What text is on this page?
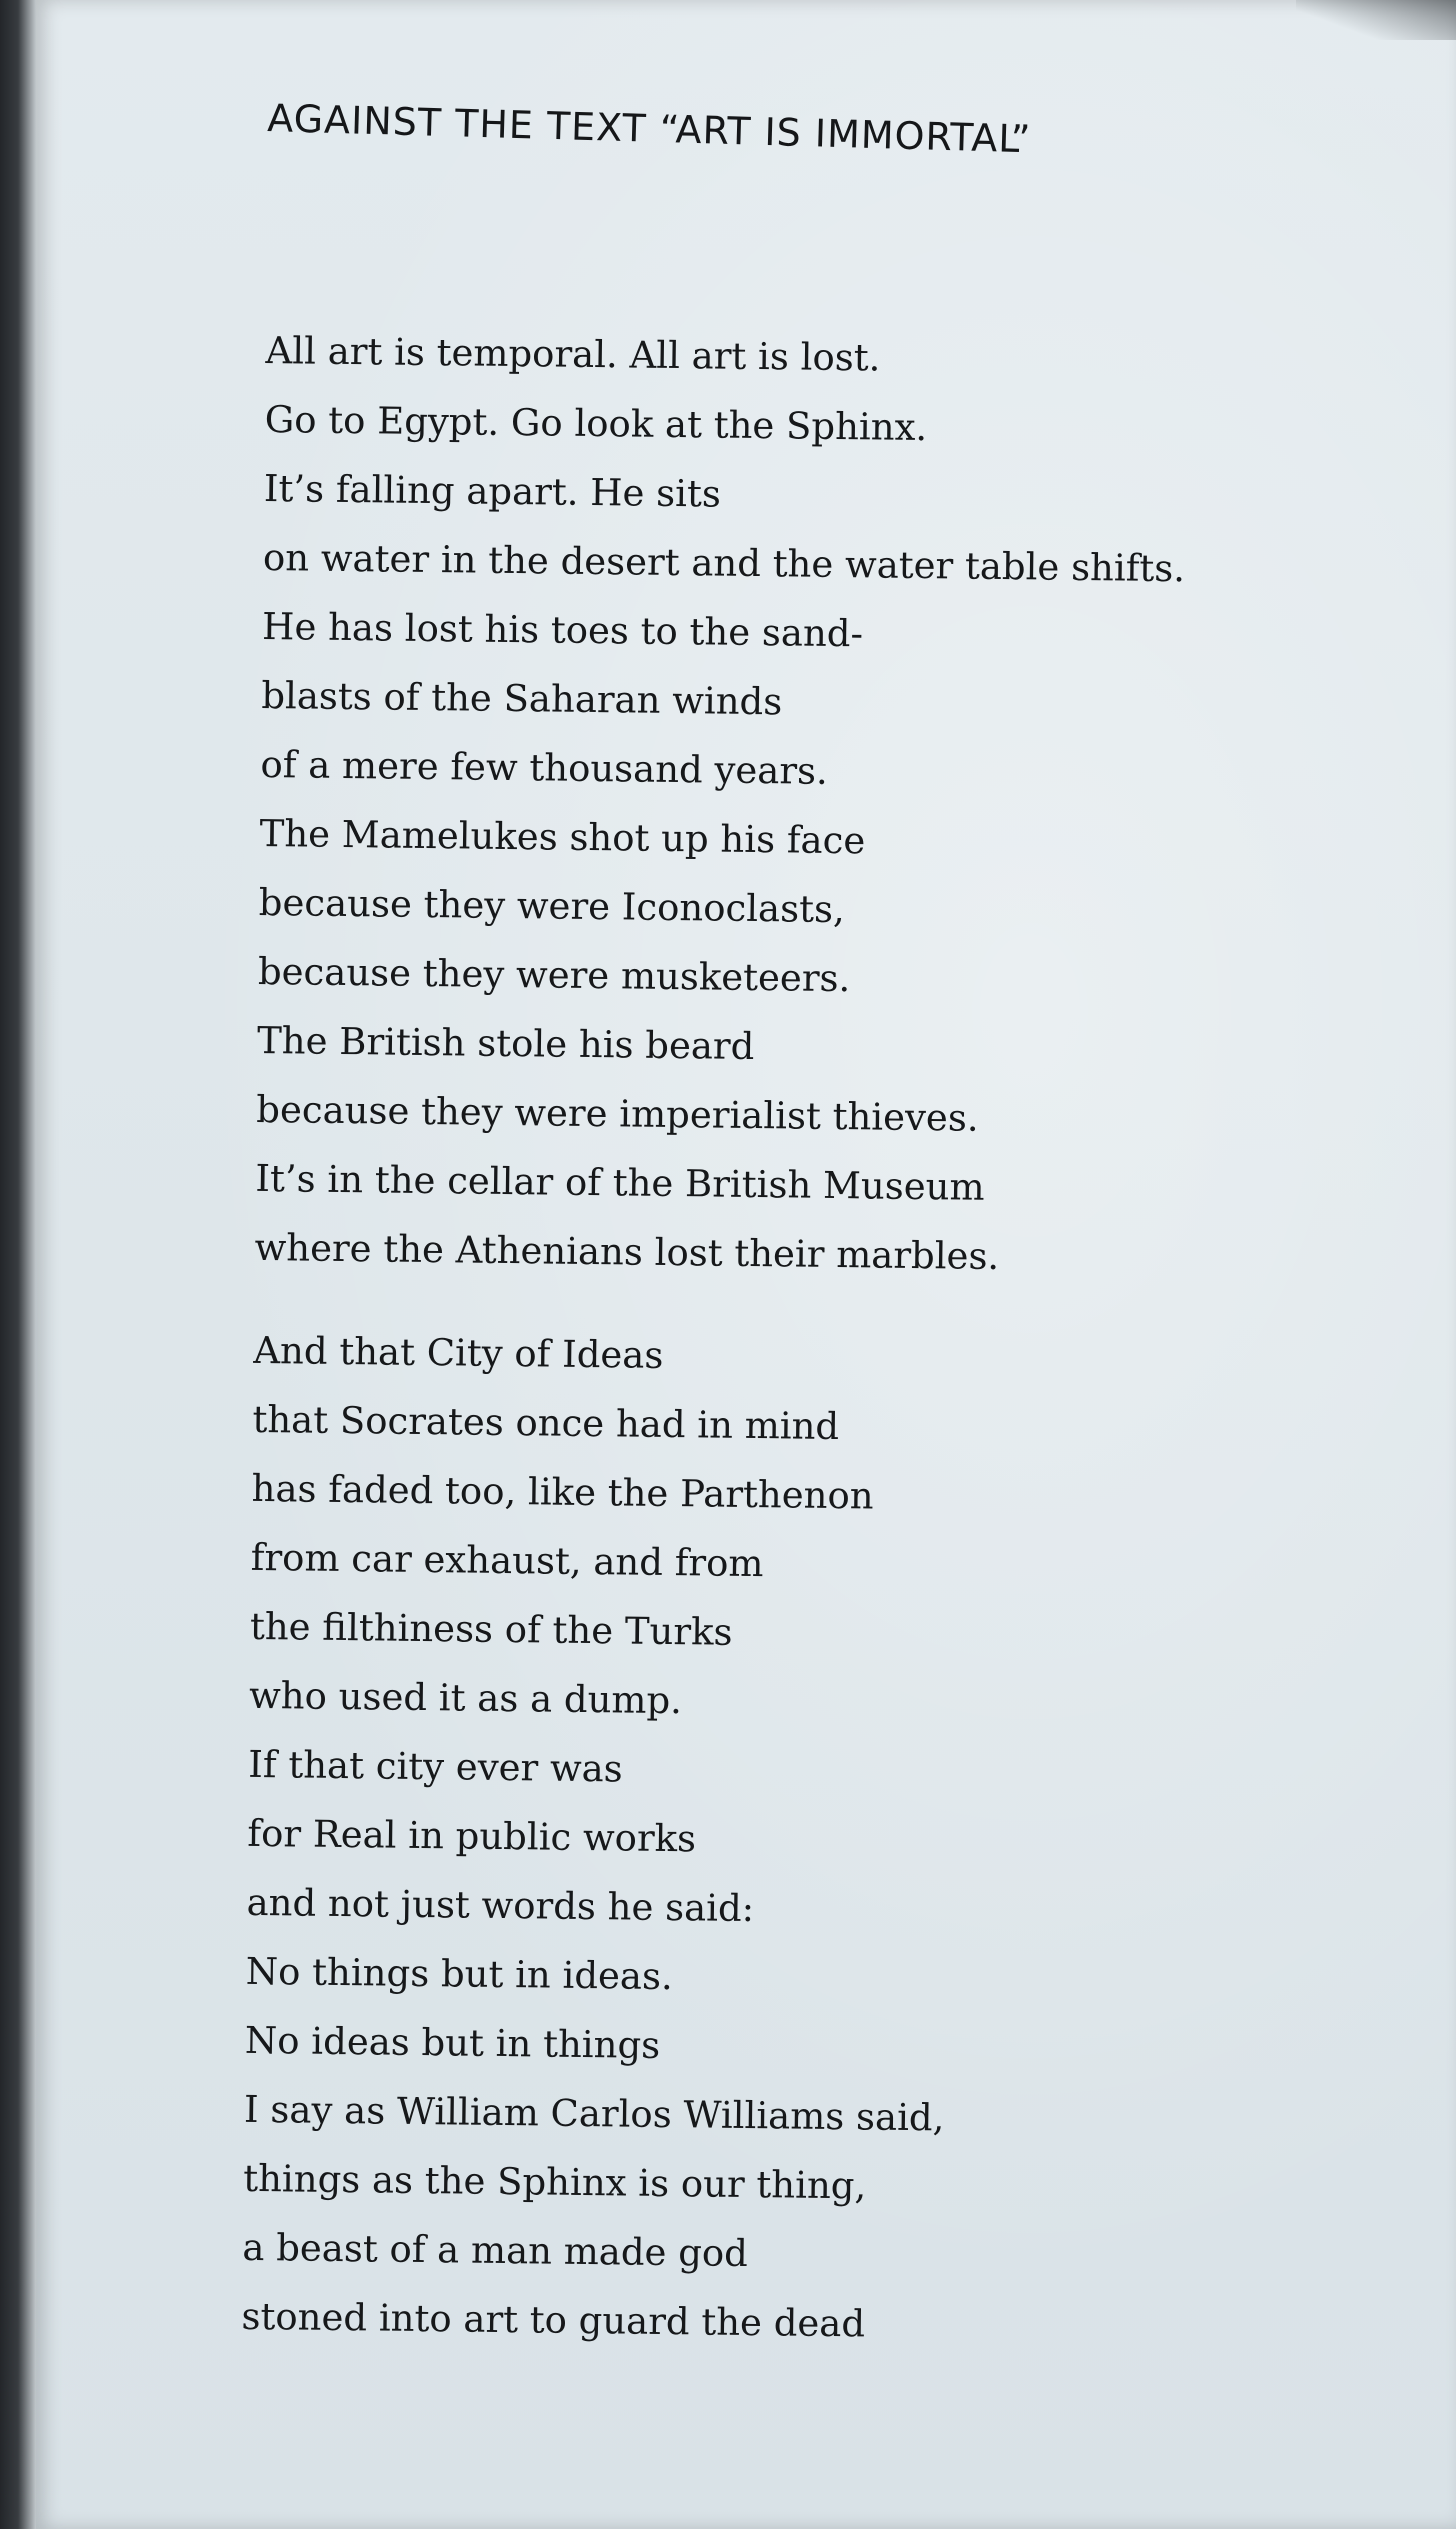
AGAINST THE TEXT “ART IS IMMORTAL”

All art is temporal. All art is lost.
Go to Egypt. Go look at the Sphinx.
It’s falling apart. He sits
on water in the desert and the water table shifts.
He has lost his toes to the sand-
blasts of the Saharan winds
of a mere few thousand years.
The Mamelukes shot up his face
because they were Iconoclasts,
because they were musketeers.
The British stole his beard
because they were imperialist thieves.
It’s in the cellar of the British Museum
where the Athenians lost their marbles.

And that City of Ideas
that Socrates once had in mind
has faded too, like the Parthenon
from car exhaust, and from
the filthiness of the Turks
who used it as a dump.
If that city ever was
for Real in public works
and not just words he said:
No things but in ideas.
No ideas but in things
I say as William Carlos Williams said,
things as the Sphinx is our thing,
a beast of a man made god
stoned into art to guard the dead
